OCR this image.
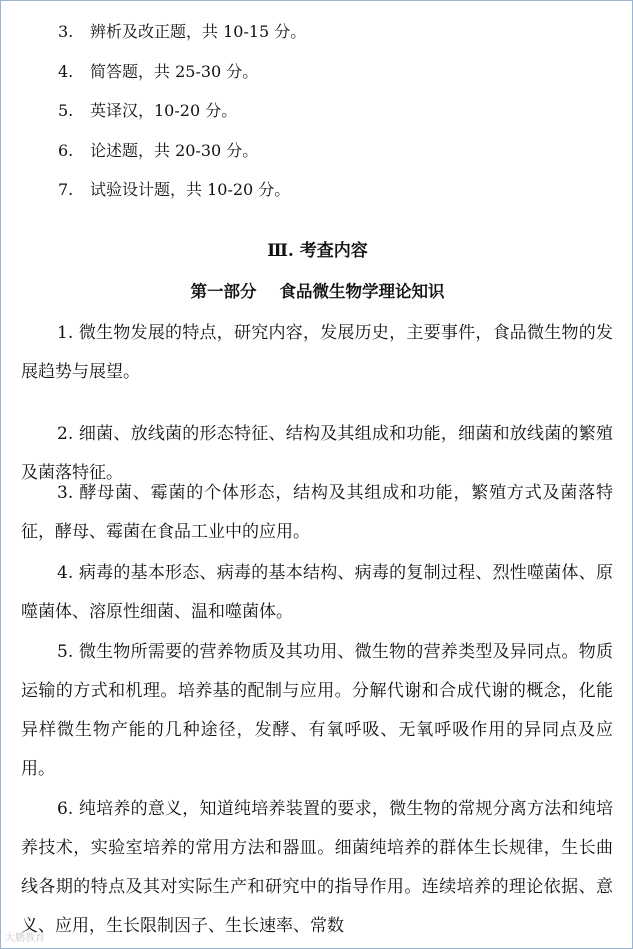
3. 辨析及改正题，共 10-15 分。
4. 简答题，共 25-30 分。
5. 英译汉，10-20 分。
6. 论述题，共 20-30 分。
7. 试验设计题，共 10-20 分。
Ⅲ. 考查内容
第一部分    食品微生物学理论知识

1. 微生物发展的特点，研究内容，发展历史，主要事件，食品微生物的发展趋势与展望。

2. 细菌、放线菌的形态特征、结构及其组成和功能，细菌和放线菌的繁殖及菌落特征。

3. 酵母菌、霉菌的个体形态，结构及其组成和功能，繁殖方式及菌落特征，酵母、霉菌在食品工业中的应用。

4. 病毒的基本形态、病毒的基本结构、病毒的复制过程、烈性噬菌体、原噬菌体、溶原性细菌、温和噬菌体。

5. 微生物所需要的营养物质及其功用、微生物的营养类型及异同点。物质运输的方式和机理。培养基的配制与应用。分解代谢和合成代谢的概念，化能异样微生物产能的几种途径，发酵、有氧呼吸、无氧呼吸作用的异同点及应用。

6. 纯培养的意义，知道纯培养装置的要求，微生物的常规分离方法和纯培养技术，实验室培养的常用方法和器皿。细菌纯培养的群体生长规律，生长曲线各期的特点及其对实际生产和研究中的指导作用。连续培养的理论依据、意义、应用，生长限制因子、生长速率、常数

大鹏教育
